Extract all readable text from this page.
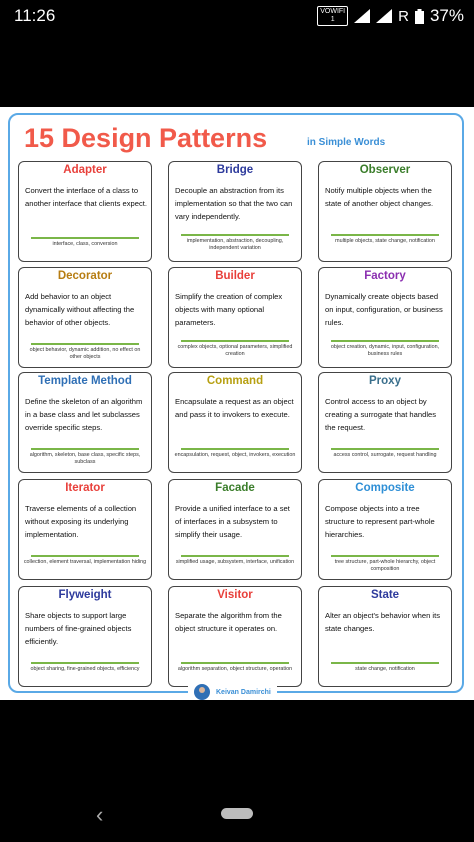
11:26	VOWIFI
1	R 37%
15 Design Patterns	in Simple Words
Adapter
Convert the interface of a class to another interface that clients expect.
interface, class, conversion
Bridge
Decouple an abstraction from its implementation so that the two can vary independently.
implementation, abstraction, decoupling, independent variation
Observer
Notify multiple objects when the state of another object changes.
multiple objects, state change, notification
Decorator
Add behavior to an object dynamically without affecting the behavior of other objects.
object behavior, dynamic addition, no effect on other objects
Builder
Simplify the creation of complex objects with many optional parameters.
complex objects, optional parameters, simplified creation
Factory
Dynamically create objects based on input, configuration, or business rules.
object creation, dynamic, input, configuration, business rules
Template Method
Define the skeleton of an algorithm in a base class and let subclasses override specific steps.
algorithm, skeleton, base class, specific steps, subclass
Command
Encapsulate a request as an object and pass it to invokers to execute.
encapsulation, request, object, invokers, execution
Proxy
Control access to an object by creating a surrogate that handles the request.
access control, surrogate, request handling
Iterator
Traverse elements of a collection without exposing its underlying implementation.
collection, element traversal, implementation hiding
Facade
Provide a unified interface to a set of interfaces in a subsystem to simplify their usage.
simplified usage, subsystem, interface, unification
Composite
Compose objects into a tree structure to represent part-whole hierarchies.
tree structure, part-whole hierarchy, object composition
Flyweight
Share objects to support large numbers of fine-grained objects efficiently.
object sharing, fine-grained objects, efficiency
Visitor
Separate the algorithm from the object structure it operates on.
algorithm separation, object structure, operation
State
Alter an object's behavior when its state changes.
state change, notification
Keivan Damirchi
‹
